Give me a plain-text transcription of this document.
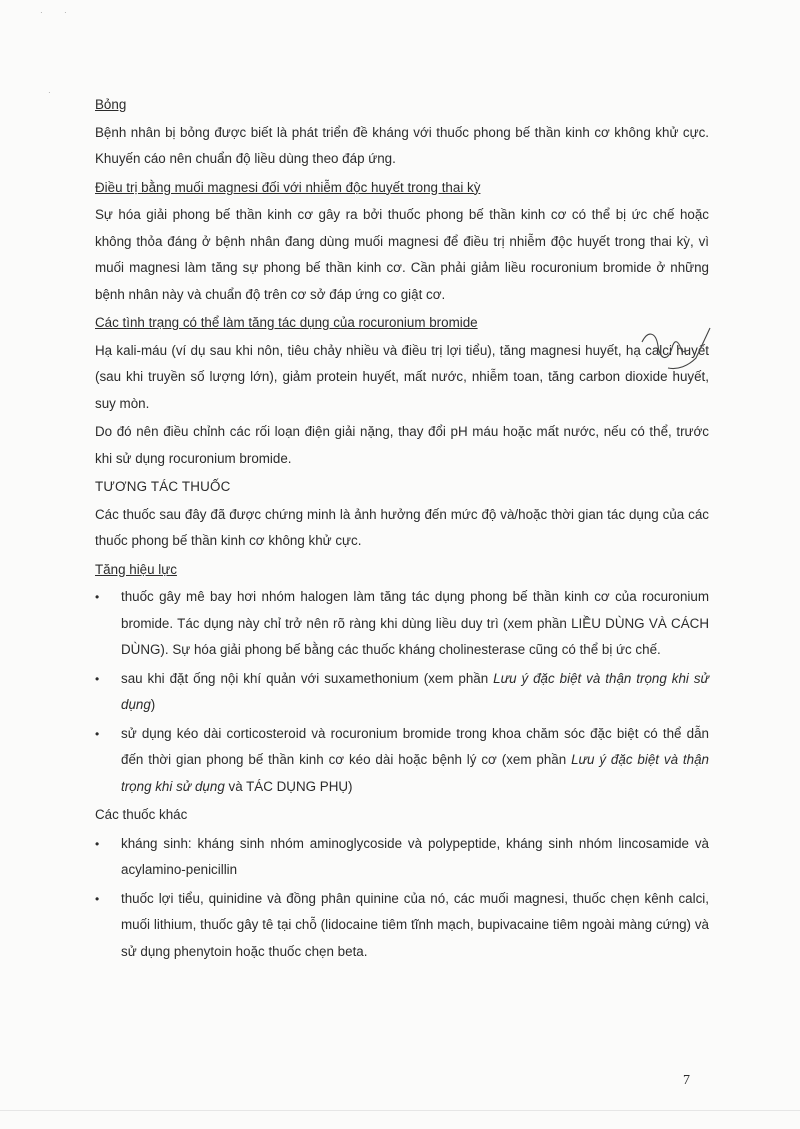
·	·
·
Bỏng
Bệnh nhân bị bỏng được biết là phát triển đề kháng với thuốc phong bế thần kinh cơ không khử cực. Khuyến cáo nên chuẩn độ liều dùng theo đáp ứng.
Điều trị bằng muối magnesi đối với nhiễm độc huyết trong thai kỳ
Sự hóa giải phong bế thần kinh cơ gây ra bởi thuốc phong bế thần kinh cơ có thể bị ức chế hoặc không thỏa đáng ở bệnh nhân đang dùng muối magnesi để điều trị nhiễm độc huyết trong thai kỳ, vì muối magnesi làm tăng sự phong bế thần kinh cơ. Cần phải giảm liều rocuronium bromide ở những bệnh nhân này và chuẩn độ trên cơ sở đáp ứng co giật cơ.
Các tình trạng có thể làm tăng tác dụng của rocuronium bromide
Hạ kali-máu (ví dụ sau khi nôn, tiêu chảy nhiều và điều trị lợi tiểu), tăng magnesi huyết, hạ calci huyết (sau khi truyền số lượng lớn), giảm protein huyết, mất nước, nhiễm toan, tăng carbon dioxide huyết, suy mòn.
Do đó nên điều chỉnh các rối loạn điện giải nặng, thay đổi pH máu hoặc mất nước, nếu có thể, trước khi sử dụng rocuronium bromide.
TƯƠNG TÁC THUỐC
Các thuốc sau đây đã được chứng minh là ảnh hưởng đến mức độ và/hoặc thời gian tác dụng của các thuốc phong bế thần kinh cơ không khử cực.
Tăng hiệu lực
• thuốc gây mê bay hơi nhóm halogen làm tăng tác dụng phong bế thần kinh cơ của rocuronium bromide. Tác dụng này chỉ trở nên rõ ràng khi dùng liều duy trì (xem phần LIỀU DÙNG VÀ CÁCH DÙNG). Sự hóa giải phong bế bằng các thuốc kháng cholinesterase cũng có thể bị ức chế.
• sau khi đặt ống nội khí quản với suxamethonium (xem phần Lưu ý đặc biệt và thận trọng khi sử dụng)
• sử dụng kéo dài corticosteroid và rocuronium bromide trong khoa chăm sóc đặc biệt có thể dẫn đến thời gian phong bế thần kinh cơ kéo dài hoặc bệnh lý cơ (xem phần Lưu ý đặc biệt và thận trọng khi sử dụng và TÁC DỤNG PHỤ)
Các thuốc khác
• kháng sinh: kháng sinh nhóm aminoglycoside và polypeptide, kháng sinh nhóm lincosamide và acylamino-penicillin
• thuốc lợi tiểu, quinidine và đồng phân quinine của nó, các muối magnesi, thuốc chẹn kênh calci, muối lithium, thuốc gây tê tại chỗ (lidocaine tiêm tĩnh mạch, bupivacaine tiêm ngoài màng cứng) và sử dụng phenytoin hoặc thuốc chẹn beta.
7
